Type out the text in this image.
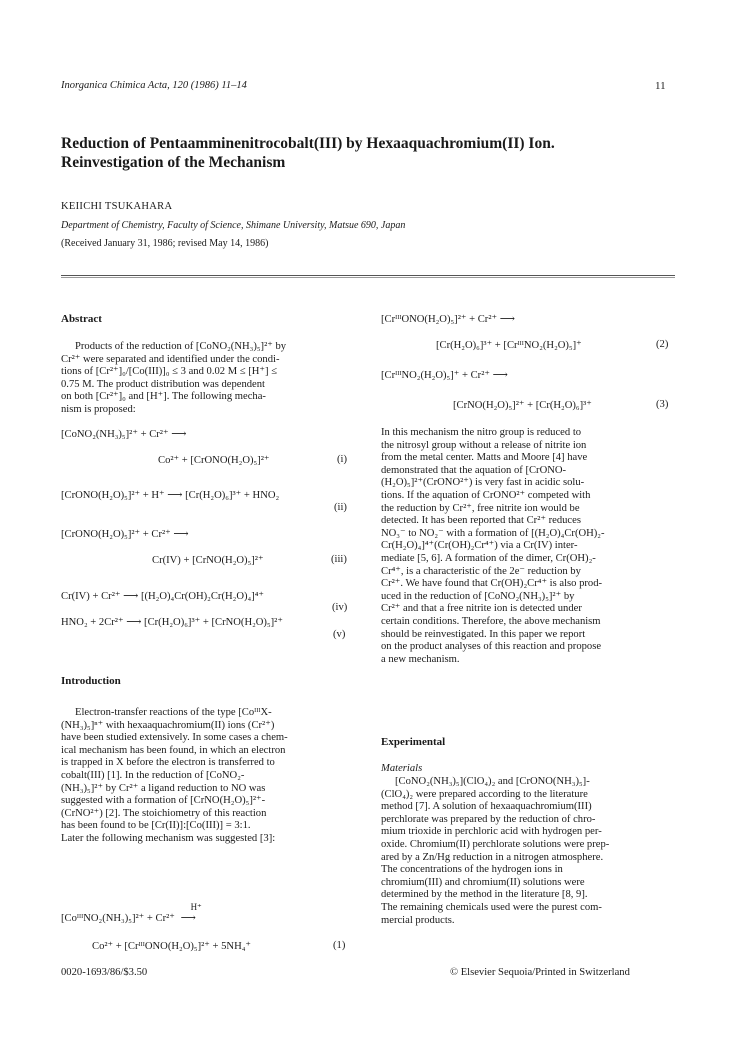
Inorganica Chimica Acta, 120 (1986) 11–14	11
Reduction of Pentaamminenitrocobalt(III) by Hexaaquachromium(II) Ion.
Reinvestigation of the Mechanism
KEIICHI TSUKAHARA
Department of Chemistry, Faculty of Science, Shimane University, Matsue 690, Japan
(Received January 31, 1986; revised May 14, 1986)
Abstract
Products of the reduction of [CoNO₂(NH₃)₅]²⁺ by
Cr²⁺ were separated and identified under the condi-
tions of [Cr²⁺]₀/[Co(III)]₀ ≤ 3 and 0.02 M ≤ [H⁺] ≤
0.75 M. The product distribution was dependent
on both [Cr²⁺]₀ and [H⁺]. The following mecha-
nism is proposed:
[CoNO₂(NH₃)₅]²⁺ + Cr²⁺ ⟶
Co²⁺ + [CrONO(H₂O)₅]²⁺	(i)
[CrONO(H₂O)₅]²⁺ + H⁺ ⟶ [Cr(H₂O)₆]³⁺ + HNO₂
(ii)
[CrONO(H₂O)₅]²⁺ + Cr²⁺ ⟶
Cr(IV) + [CrNO(H₂O)₅]²⁺	(iii)
Cr(IV) + Cr²⁺ ⟶ [(H₂O)₄Cr(OH)₂Cr(H₂O)₄]⁴⁺
(iv)
HNO₂ + 2Cr²⁺ ⟶ [Cr(H₂O)₆]³⁺ + [CrNO(H₂O)₅]²⁺
(v)
Introduction
Electron-transfer reactions of the type [CoᴵᴵᴵX-
(NH₃)₅]ⁿ⁺ with hexaaquachromium(II) ions (Cr²⁺)
have been studied extensively. In some cases a chem-
ical mechanism has been found, in which an electron
is trapped in X before the electron is transferred to
cobalt(III) [1]. In the reduction of [CoNO₂-
(NH₃)₅]²⁺ by Cr²⁺ a ligand reduction to NO was
suggested with a formation of [CrNO(H₂O)₅]²⁺-
(CrNO²⁺) [2]. The stoichiometry of this reaction
has been found to be [Cr(II)]:[Co(III)] = 3:1.
Later the following mechanism was suggested [3]:
[CoᴵᴵᴵNO₂(NH₃)₅]²⁺ + Cr²⁺
H⁺
⟶
Co²⁺ + [CrᴵᴵᴵONO(H₂O)₅]²⁺ + 5NH₄⁺	(1)
0020-1693/86/$3.50
[CrᴵᴵᴵONO(H₂O)₅]²⁺ + Cr²⁺ ⟶
[Cr(H₂O)₆]³⁺ + [CrᴵᴵᴵNO₂(H₂O)₅]⁺	(2)
[CrᴵᴵᴵNO₂(H₂O)₅]⁺ + Cr²⁺ ⟶
[CrNO(H₂O)₅]²⁺ + [Cr(H₂O)₆]³⁺	(3)
In this mechanism the nitro group is reduced to
the nitrosyl group without a release of nitrite ion
from the metal center. Matts and Moore [4] have
demonstrated that the aquation of [CrONO-
(H₂O)₅]²⁺(CrONO²⁺) is very fast in acidic solu-
tions. If the aquation of CrONO²⁺ competed with
the reduction by Cr²⁺, free nitrite ion would be
detected. It has been reported that Cr²⁺ reduces
NO₃⁻ to NO₂⁻ with a formation of [(H₂O)₄Cr(OH)₂-
Cr(H₂O)₄]⁴⁺(Cr(OH)₂Cr⁴⁺) via a Cr(IV) inter-
mediate [5, 6]. A formation of the dimer, Cr(OH)₂-
Cr⁴⁺, is a characteristic of the 2e⁻ reduction by
Cr²⁺. We have found that Cr(OH)₂Cr⁴⁺ is also prod-
uced in the reduction of [CoNO₂(NH₃)₅]²⁺ by
Cr²⁺ and that a free nitrite ion is detected under
certain conditions. Therefore, the above mechanism
should be reinvestigated. In this paper we report
on the product analyses of this reaction and propose
a new mechanism.
Experimental
Materials
[CoNO₂(NH₃)₅](ClO₄)₂ and [CrONO(NH₃)₅]-
(ClO₄)₂ were prepared according to the literature
method [7]. A solution of hexaaquachromium(III)
perchlorate was prepared by the reduction of chro-
mium trioxide in perchloric acid with hydrogen per-
oxide. Chromium(II) perchlorate solutions were prep-
ared by a Zn/Hg reduction in a nitrogen atmosphere.
The concentrations of the hydrogen ions in
chromium(III) and chromium(II) solutions were
determined by the method in the literature [8, 9].
The remaining chemicals used were the purest com-
mercial products.
© Elsevier Sequoia/Printed in Switzerland
